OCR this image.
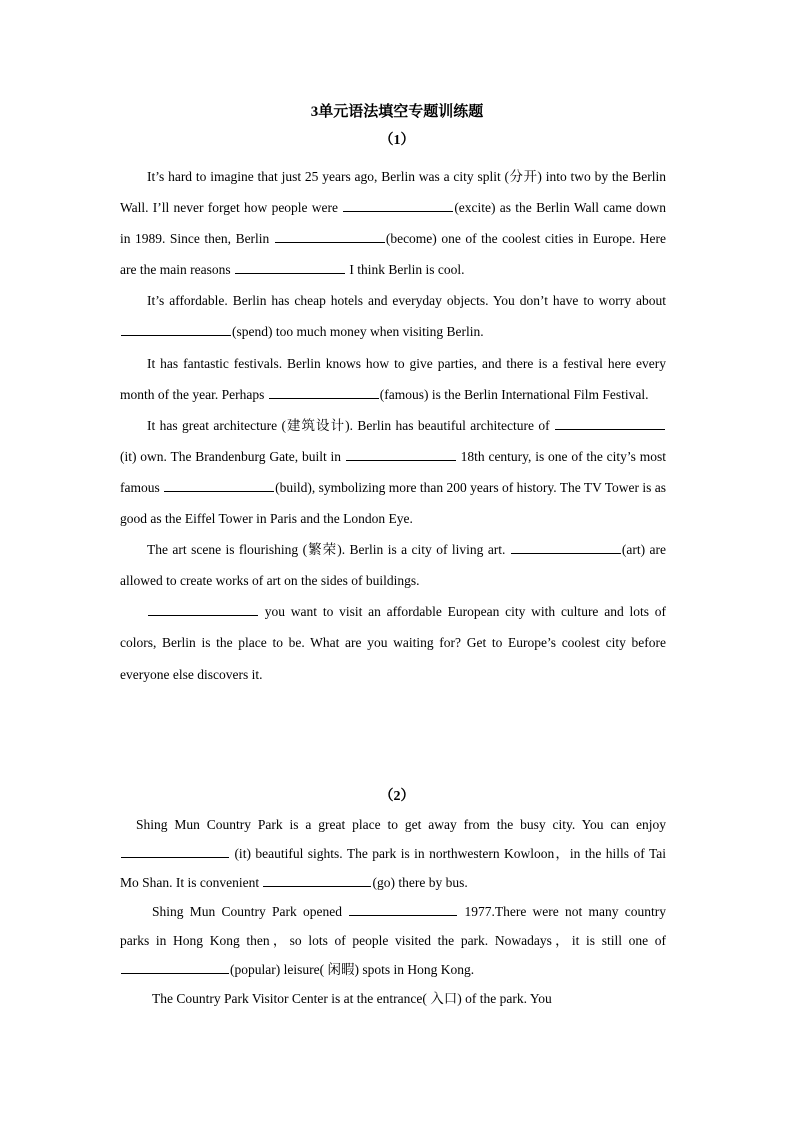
3单元语法填空专题训练题
（1）

It’s hard to imagine that just 25 years ago, Berlin was a city split (分开) into two by the Berlin Wall. I’ll never forget how people were	(excite) as the Berlin Wall came down in 1989. Since then, Berlin	(become) one of the coolest cities in Europe. Here are the main reasons	I think Berlin is cool.

It’s affordable. Berlin has cheap hotels and everyday objects. You don’t have to worry about (spend) too much money when visiting Berlin.

It has fantastic festivals. Berlin knows how to give parties, and there is a festival here every month of the year. Perhaps	(famous) is the Berlin International Film Festival.

It has great architecture (建筑设计). Berlin has beautiful architecture of (it) own. The Brandenburg Gate, built in	18th century, is one of the city’s most famous	(build), symbolizing more than 200 years of history. The TV Tower is as good as the Eiffel Tower in Paris and the London Eye.

The art scene is flourishing (繁荣). Berlin is a city of living art.	(art) are allowed to create works of art on the sides of buildings.

you want to visit an affordable European city with culture and lots of colors, Berlin is the place to be. What are you waiting for? Get to Europe’s coolest city before everyone else discovers it.

（2）

Shing Mun Country Park is a great place to get away from the busy city. You can enjoy  (it) beautiful sights. The park is in northwestern Kowloon，in the hills of Tai Mo Shan. It is convenient	(go) there by bus.

Shing Mun Country Park opened	1977.There were not many country parks in Hong Kong then，so lots of people visited the park. Nowadays，it is still one of (popular) leisure( 闲暇) spots in Hong Kong.

The Country Park Visitor Center is at the entrance( 入口) of the park. You
